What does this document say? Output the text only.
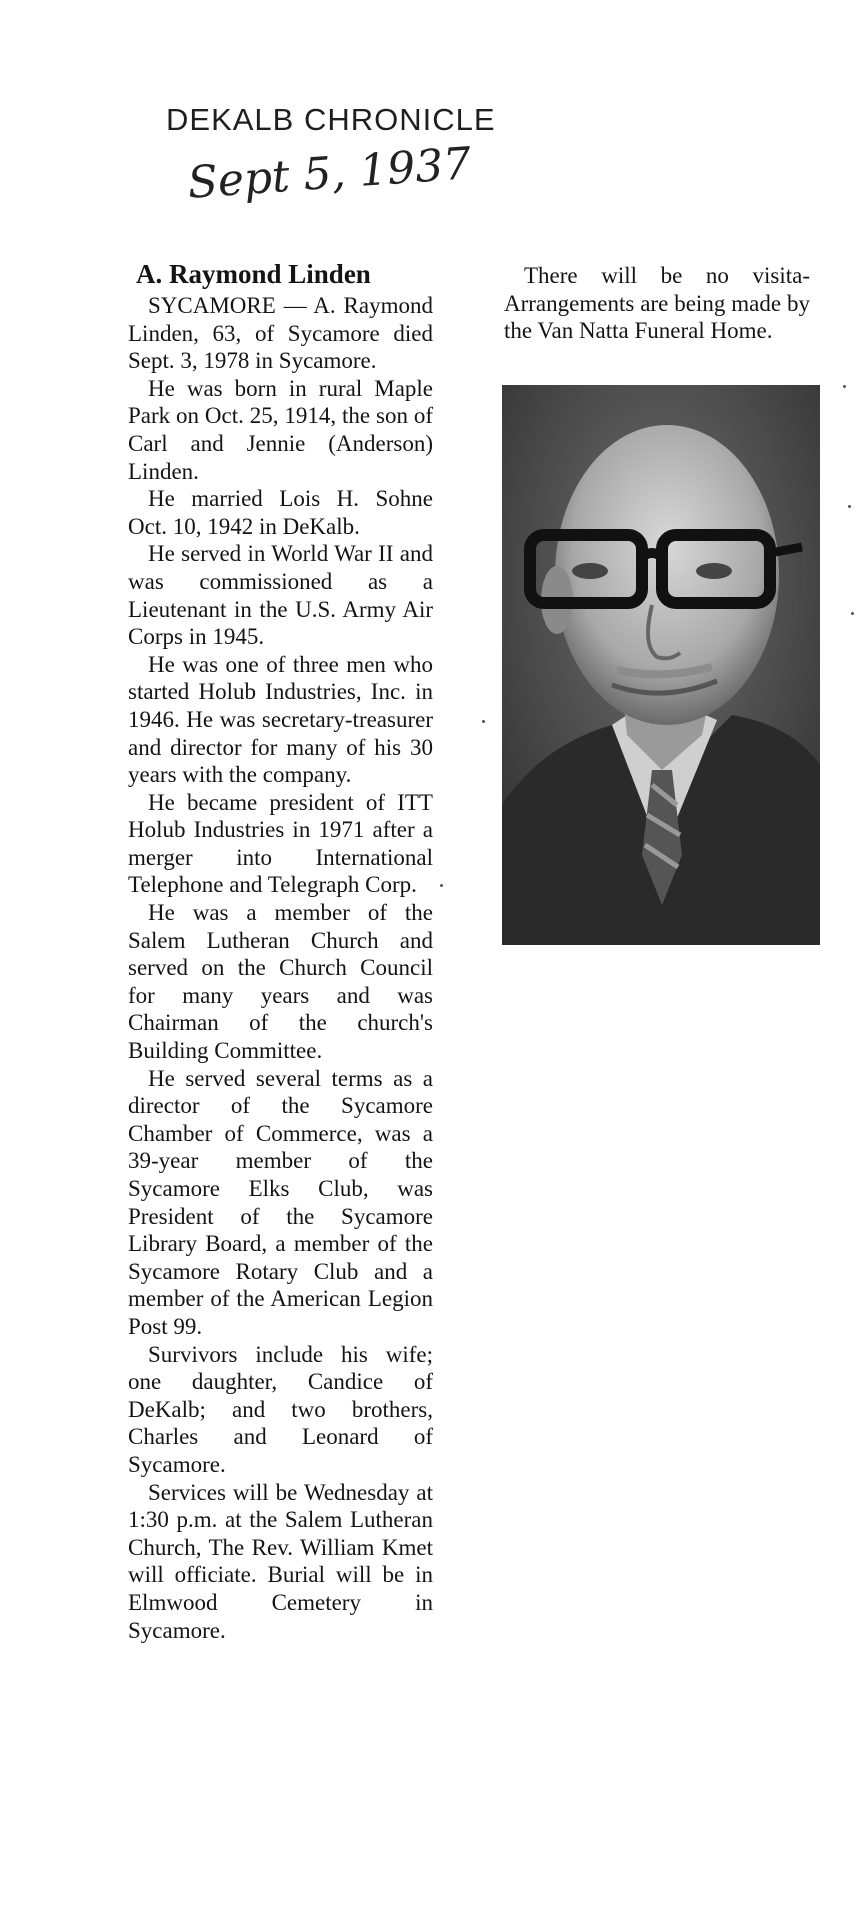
DEKALB CHRONICLE
Sept 5, 1937
A. Raymond Linden

SYCAMORE — A. Raymond Linden, 63, of Sycamore died Sept. 3, 1978 in Sycamore.

He was born in rural Maple Park on Oct. 25, 1914, the son of Carl and Jennie (Anderson) Linden.

He married Lois H. Sohne Oct. 10, 1942 in DeKalb.

He served in World War II and was commissioned as a Lieutenant in the U.S. Army Air Corps in 1945.

He was one of three men who started Holub Industries, Inc. in 1946. He was secretary-treasurer and director for many of his 30 years with the company.

He became president of ITT Holub Industries in 1971 after a merger into International Telephone and Telegraph Corp.

He was a member of the Salem Lutheran Church and served on the Church Council for many years and was Chairman of the church's Building Committee.

He served several terms as a director of the Sycamore Chamber of Commerce, was a 39-year member of the Sycamore Elks Club, was President of the Sycamore Library Board, a member of the Sycamore Rotary Club and a member of the American Legion Post 99.

Survivors include his wife; one daughter, Candice of DeKalb; and two brothers, Charles and Leonard of Sycamore.

Services will be Wednesday at 1:30 p.m. at the Salem Lutheran Church, The Rev. William Kmet will officiate. Burial will be in Elmwood Cemetery in Sycamore.

There will be no visita- Arrangements are being made by the Van Natta Funeral Home.
